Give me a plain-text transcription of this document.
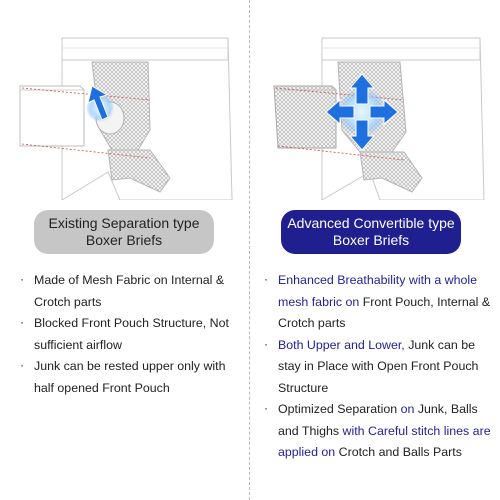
Existing Separation type
Boxer Briefs
· Made of Mesh Fabric on Internal & Crotch parts
· Blocked Front Pouch Structure, Not sufficient airflow
· Junk can be rested upper only with half opened Front Pouch
Advanced Convertible type
Boxer Briefs
· Enhanced Breathability with a whole mesh fabric on Front Pouch, Internal & Crotch parts
· Both Upper and Lower, Junk can be stay in Place with Open Front Pouch Structure
· Optimized Separation on Junk, Balls and Thighs with Careful stitch lines are applied on Crotch and Balls Parts
